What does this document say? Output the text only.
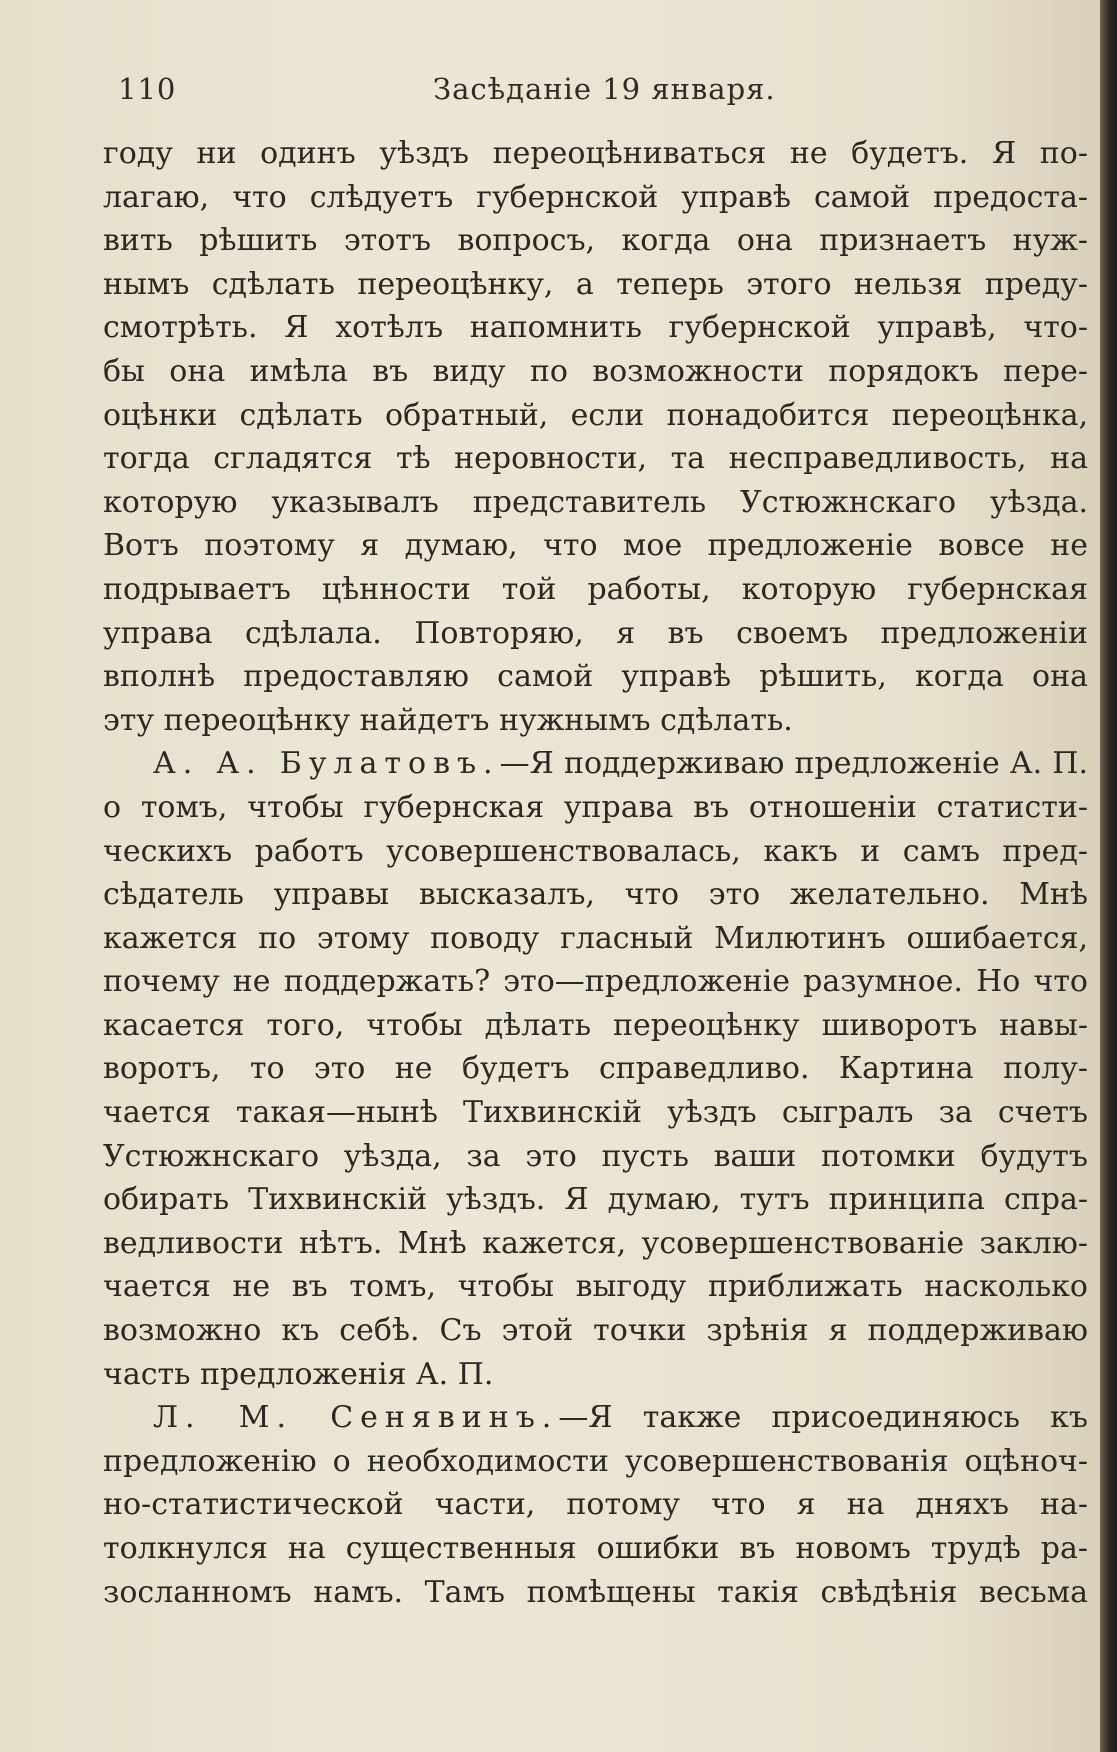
110	Засѣданіе 19 января.
году ни одинъ уѣздъ переоцѣниваться не будетъ. Я по-
лагаю, что слѣдуетъ губернской управѣ самой предоста-
вить рѣшить этотъ вопросъ, когда она признаетъ нуж-
нымъ сдѣлать переоцѣнку, а теперь этого нельзя преду-
смотрѣть. Я хотѣлъ напомнить губернской управѣ, что-
бы она имѣла въ виду по возможности порядокъ пере-
оцѣнки сдѣлать обратный, если понадобится переоцѣнка,
тогда сгладятся тѣ неровности, та несправедливость, на
которую указывалъ представитель Устюжнскаго уѣзда.
Вотъ поэтому я думаю, что мое предложеніе вовсе не
подрываетъ цѣнности той работы, которую губернская
управа сдѣлала. Повторяю, я въ своемъ предложеніи
вполнѣ предоставляю самой управѣ рѣшить, когда она
эту переоцѣнку найдетъ нужнымъ сдѣлать.
А. А. Булатовъ.—Я поддерживаю предложеніе А. П.
о томъ, чтобы губернская управа въ отношеніи статисти-
ческихъ работъ усовершенствовалась, какъ и самъ пред-
сѣдатель управы высказалъ, что это желательно. Мнѣ
кажется по этому поводу гласный Милютинъ ошибается,
почему не поддержать? это—предложеніе разумное. Но что
касается того, чтобы дѣлать переоцѣнку шиворотъ навы-
воротъ, то это не будетъ справедливо. Картина полу-
чается такая—нынѣ Тихвинскій уѣздъ сыгралъ за счетъ
Устюжнскаго уѣзда, за это пусть ваши потомки будутъ
обирать Тихвинскій уѣздъ. Я думаю, тутъ принципа спра-
ведливости нѣтъ. Мнѣ кажется, усовершенствованіе заклю-
чается не въ томъ, чтобы выгоду приближать насколько
возможно къ себѣ. Съ этой точки зрѣнія я поддерживаю
часть предложенія А. П.
Л. М. Сенявинъ.—Я также присоединяюсь къ
предложенію о необходимости усовершенствованія оцѣноч-
но-статистической части, потому что я на дняхъ на-
толкнулся на существенныя ошибки въ новомъ трудѣ ра-
зосланномъ намъ. Тамъ помѣщены такія свѣдѣнія весьма
